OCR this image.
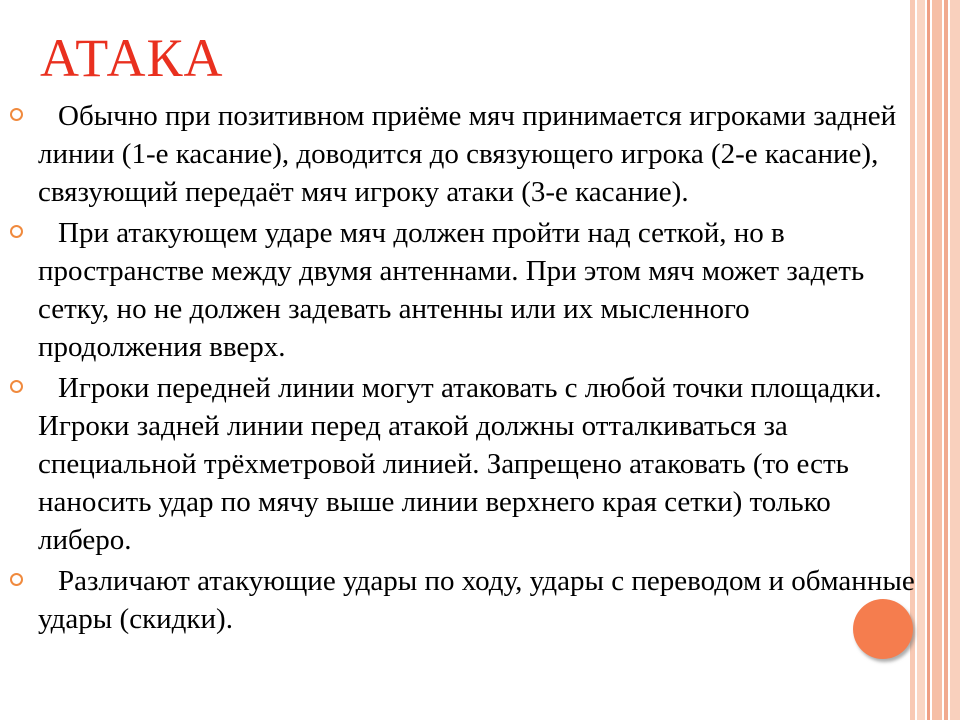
АТАКА

Обычно при позитивном приёме мяч принимается игроками задней линии (1-е касание), доводится до связующего игрока (2-е касание), связующий передаёт мяч игроку атаки (3-е касание).

При атакующем ударе мяч должен пройти над сеткой, но в пространстве между двумя антеннами. При этом мяч может задеть сетку, но не должен задевать антенны или их мысленного продолжения вверх.

Игроки передней линии могут атаковать с любой точки площадки. Игроки задней линии перед атакой должны отталкиваться за специальной трёхметровой линией. Запрещено атаковать (то есть наносить удар по мячу выше линии верхнего края сетки) только либеро.

Различают атакующие удары по ходу, удары с переводом и обманные удары (скидки).
